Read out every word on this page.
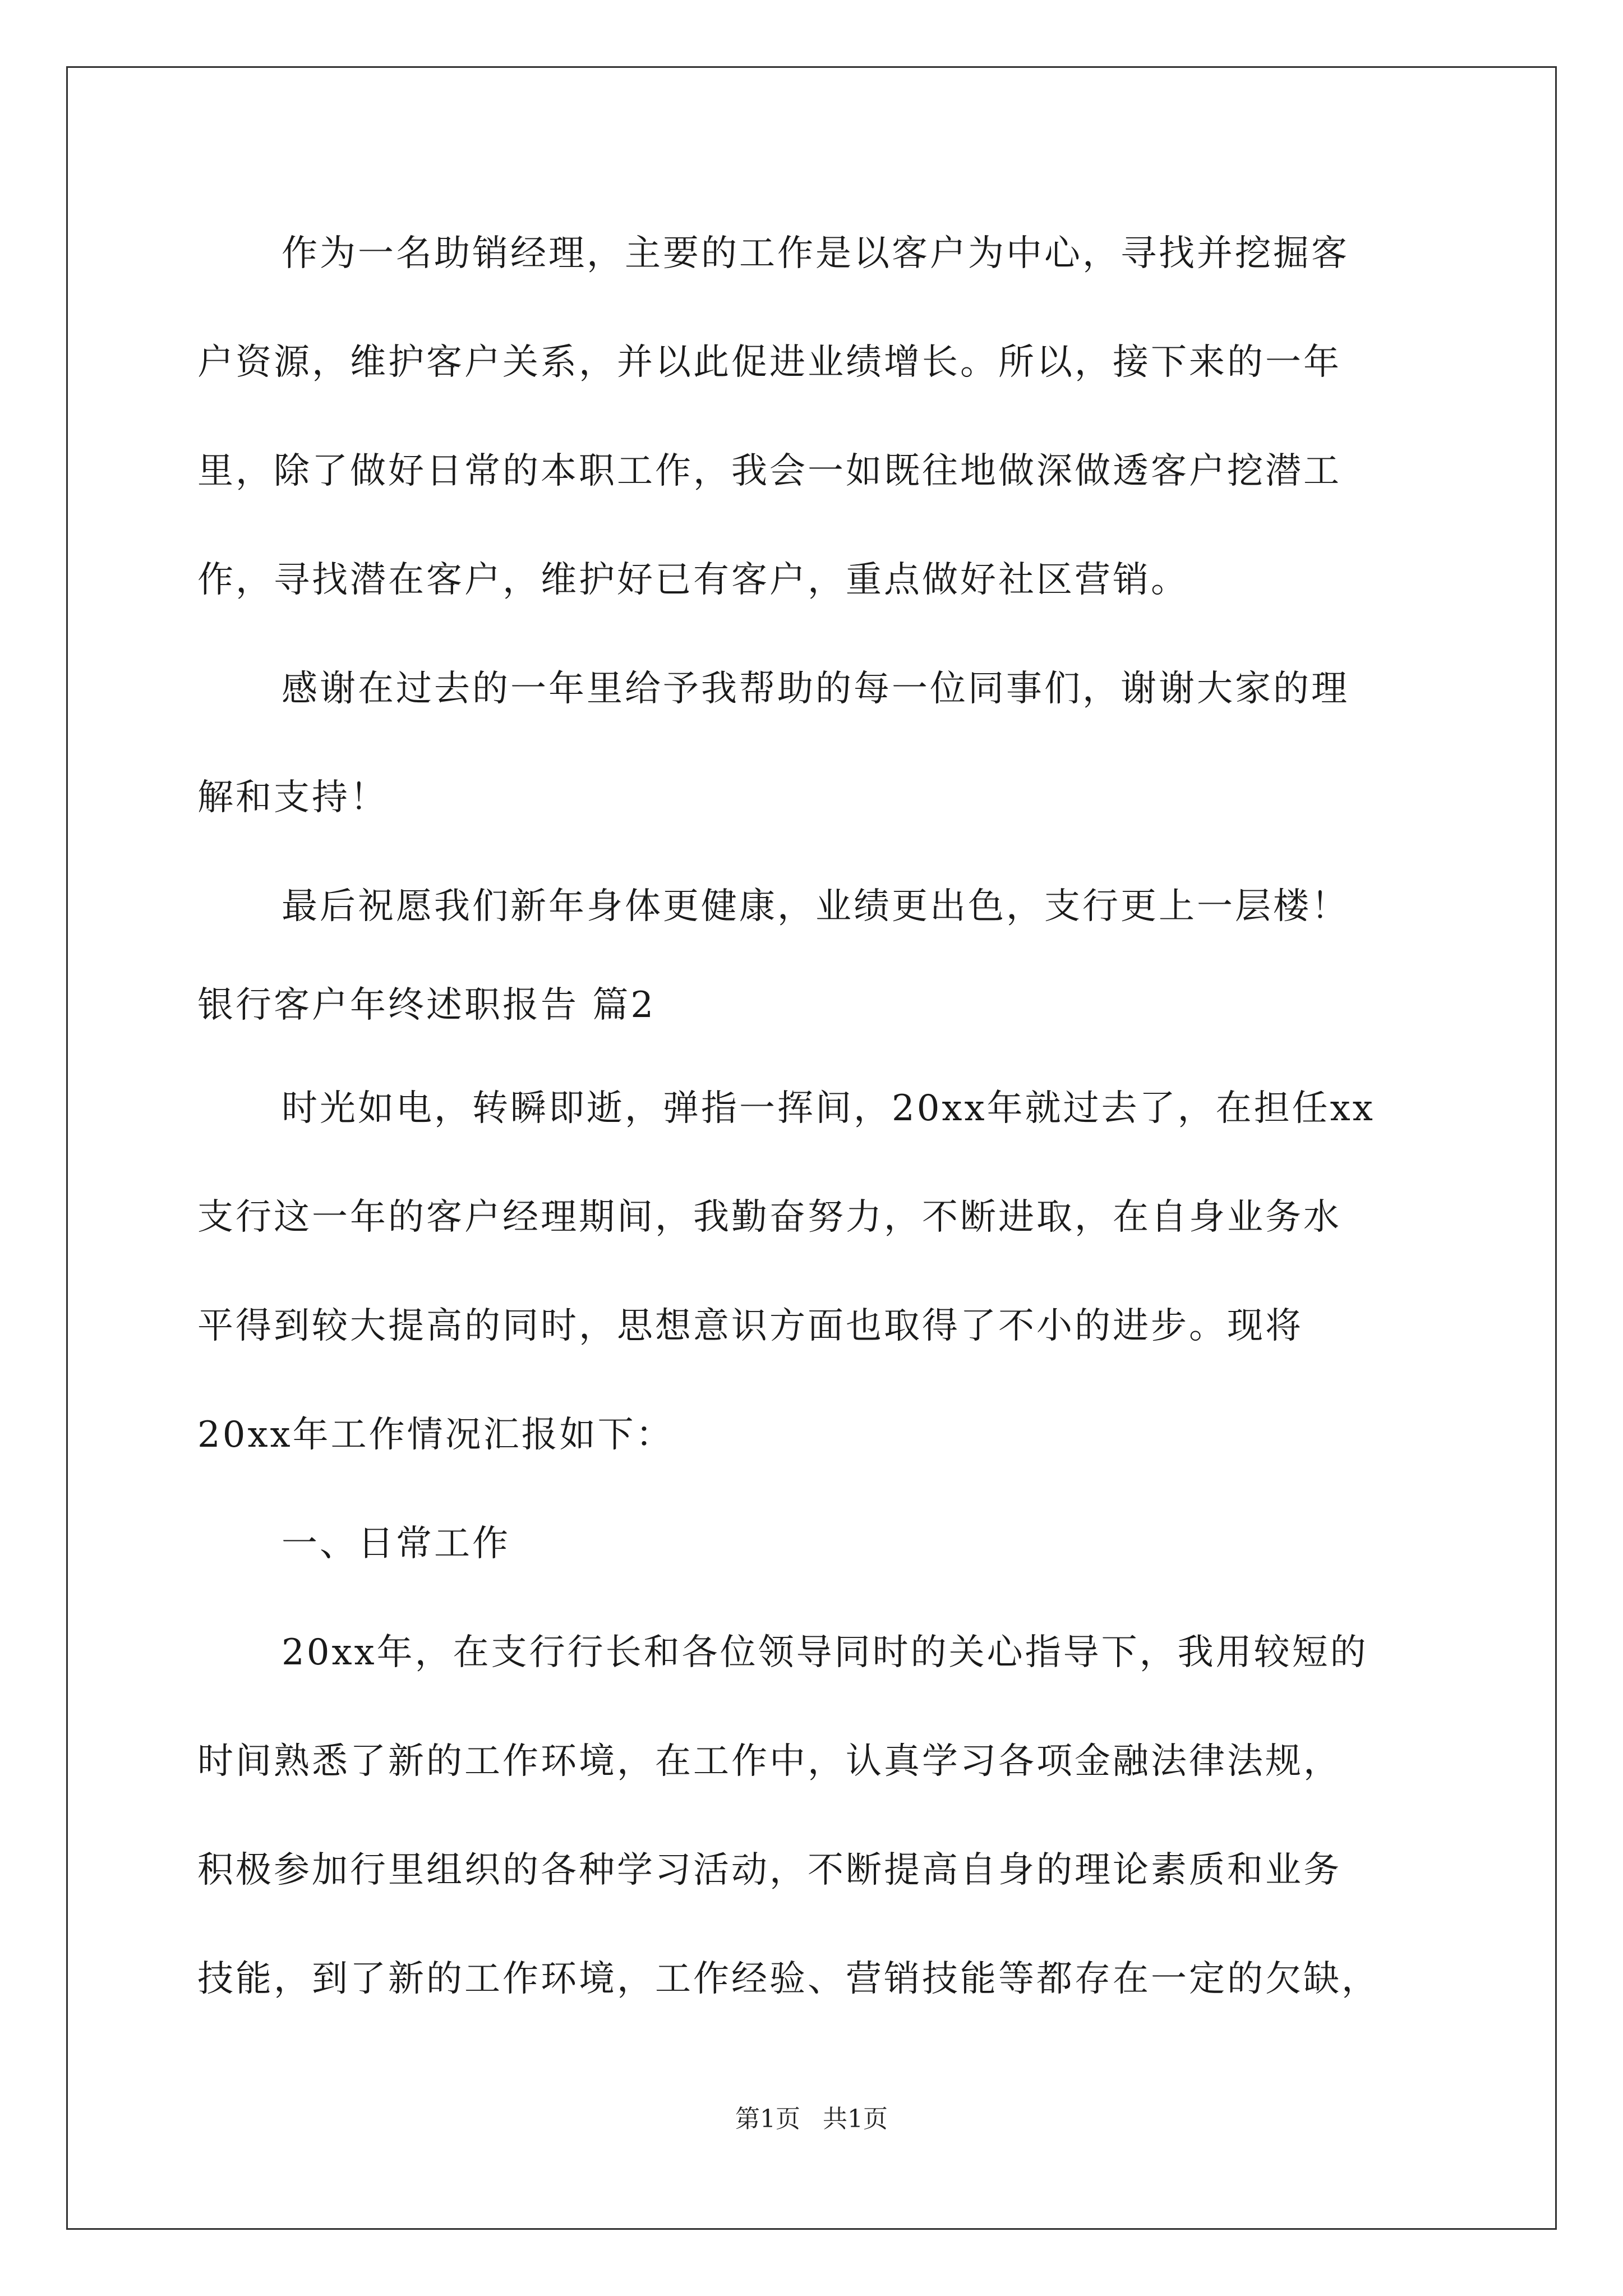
作为一名助销经理，主要的工作是以客户为中心，寻找并挖掘客
户资源，维护客户关系，并以此促进业绩增长。所以，接下来的一年
里，除了做好日常的本职工作，我会一如既往地做深做透客户挖潜工
作，寻找潜在客户，维护好已有客户，重点做好社区营销。
感谢在过去的一年里给予我帮助的每一位同事们，谢谢大家的理
解和支持！
最后祝愿我们新年身体更健康，业绩更出色，支行更上一层楼！
银行客户年终述职报告 篇2
时光如电，转瞬即逝，弹指一挥间，20xx年就过去了，在担任xx
支行这一年的客户经理期间，我勤奋努力，不断进取，在自身业务水
平得到较大提高的同时，思想意识方面也取得了不小的进步。现将
20xx年工作情况汇报如下：
一、日常工作
20xx年，在支行行长和各位领导同时的关心指导下，我用较短的
时间熟悉了新的工作环境，在工作中，认真学习各项金融法律法规，
积极参加行里组织的各种学习活动，不断提高自身的理论素质和业务
技能，到了新的工作环境，工作经验、营销技能等都存在一定的欠缺，
第1页 共1页
